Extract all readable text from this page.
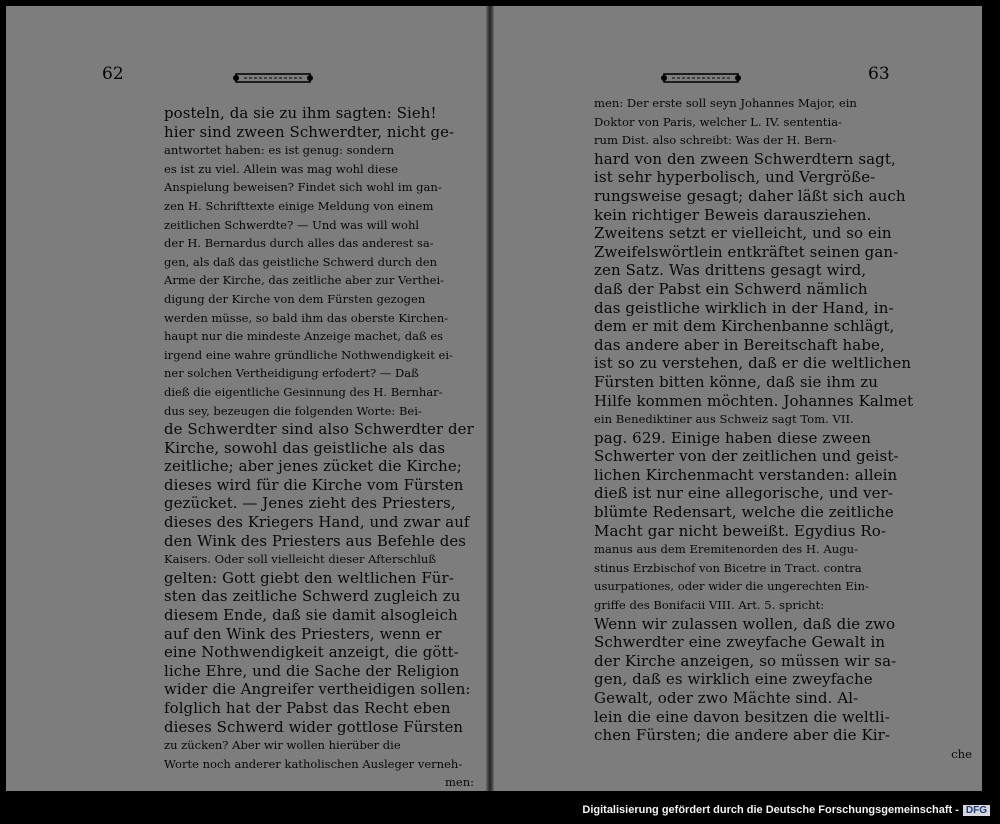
62
posteln, da sie zu ihm sagten: Sieh!
hier sind zween Schwerdter, nicht ge-
antwortet haben: es ist genug: sondern
es ist zu viel. Allein was mag wohl diese
Anspielung beweisen? Findet sich wohl im gan-
zen H. Schrifttexte einige Meldung von einem
zeitlichen Schwerdte? — Und was will wohl
der H. Bernardus durch alles das anderest sa-
gen, als daß das geistliche Schwerd durch den
Arme der Kirche, das zeitliche aber zur Verthei-
digung der Kirche von dem Fürsten gezogen
werden müsse, so bald ihm das oberste Kirchen-
haupt nur die mindeste Anzeige machet, daß es
irgend eine wahre gründliche Nothwendigkeit ei-
ner solchen Vertheidigung erfodert? — Daß
dieß die eigentliche Gesinnung des H. Bernhar-
dus sey, bezeugen die folgenden Worte: Bei-
de Schwerdter sind also Schwerdter der
Kirche, sowohl das geistliche als das
zeitliche; aber jenes zücket die Kirche;
dieses wird für die Kirche vom Fürsten
gezücket. — Jenes zieht des Priesters,
dieses des Kriegers Hand, und zwar auf
den Wink des Priesters aus Befehle des
Kaisers. Oder soll vielleicht dieser Afterschluß
gelten: Gott giebt den weltlichen Für-
sten das zeitliche Schwerd zugleich zu
diesem Ende, daß sie damit alsogleich
auf den Wink des Priesters, wenn er
eine Nothwendigkeit anzeigt, die gött-
liche Ehre, und die Sache der Religion
wider die Angreifer vertheidigen sollen:
folglich hat der Pabst das Recht eben
dieses Schwerd wider gottlose Fürsten
zu zücken? Aber wir wollen hierüber die
Worte noch anderer katholischen Ausleger verneh-
men:
63
men: Der erste soll seyn Johannes Major, ein
Doktor von Paris, welcher L. IV. sententia-
rum Dist. also schreibt: Was der H. Bern-
hard von den zween Schwerdtern sagt,
ist sehr hyperbolisch, und Vergröße-
rungsweise gesagt; daher läßt sich auch
kein richtiger Beweis darausziehen.
Zweitens setzt er vielleicht, und so ein
Zweifelswörtlein entkräftet seinen gan-
zen Satz. Was drittens gesagt wird,
daß der Pabst ein Schwerd nämlich
das geistliche wirklich in der Hand, in-
dem er mit dem Kirchenbanne schlägt,
das andere aber in Bereitschaft habe,
ist so zu verstehen, daß er die weltlichen
Fürsten bitten könne, daß sie ihm zu
Hilfe kommen möchten. Johannes Kalmet
ein Benediktiner aus Schweiz sagt Tom. VII.
pag. 629. Einige haben diese zween
Schwerter von der zeitlichen und geist-
lichen Kirchenmacht verstanden: allein
dieß ist nur eine allegorische, und ver-
blümte Redensart, welche die zeitliche
Macht gar nicht beweißt. Egydius Ro-
manus aus dem Eremitenorden des H. Augu-
stinus Erzbischof von Bicetre in Tract. contra
usurpationes, oder wider die ungerechten Ein-
griffe des Bonifacii VIII. Art. 5. spricht:
Wenn wir zulassen wollen, daß die zwo
Schwerdter eine zweyfache Gewalt in
der Kirche anzeigen, so müssen wir sa-
gen, daß es wirklich eine zweyfache
Gewalt, oder zwo Mächte sind. Al-
lein die eine davon besitzen die weltli-
chen Fürsten; die andere aber die Kir-
che
Digitalisierung gefördert durch die Deutsche Forschungsgemeinschaft - DFG
